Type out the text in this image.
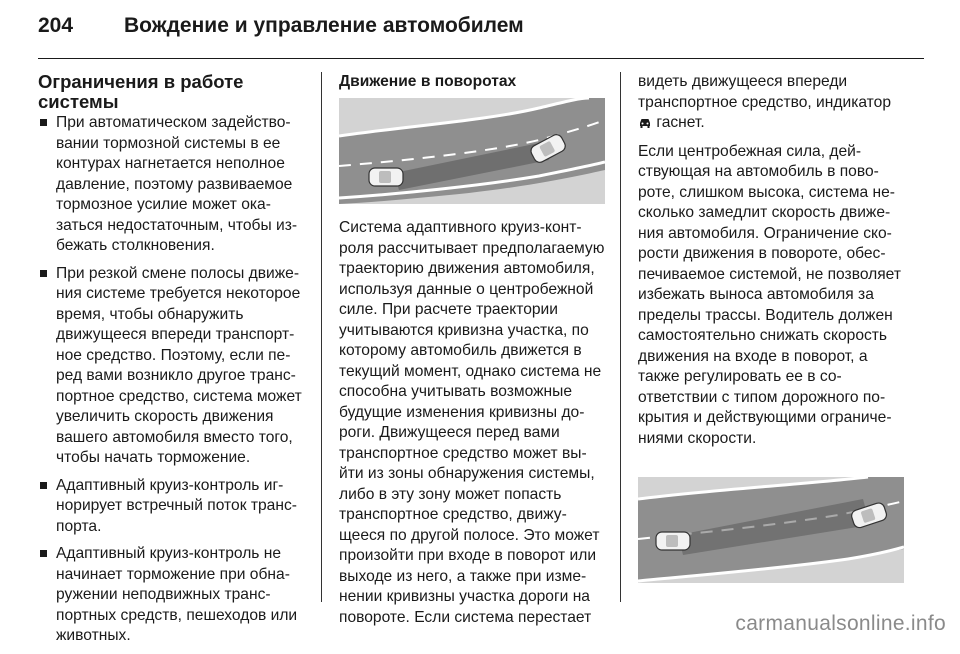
204	Вождение и управление автомобилем
Ограничения в работе системы
При автоматическом задействовании тормозной системы в ее контурах нагнетается неполное давление, поэтому развиваемое тормозное усилие может оказаться недостаточным, чтобы избежать столкновения.
При резкой смене полосы движения системе требуется некоторое время, чтобы обнаружить движущееся впереди транспортное средство. Поэтому, если перед вами возникло другое транспортное средство, система может увеличить скорость движения вашего автомобиля вместо того, чтобы начать торможение.
Адаптивный круиз-контроль игнорирует встречный поток транспорта.
Адаптивный круиз-контроль не начинает торможение при обнаружении неподвижных транспортных средств, пешеходов или животных.
Движение в поворотах

Система адаптивного круиз-контроля рассчитывает предполагаемую траекторию движения автомобиля, используя данные о центробежной силе. При расчете траектории учитываются кривизна участка, по которому автомобиль движется в текущий момент, однако система не способна учитывать возможные будущие изменения кривизны дороги. Движущееся перед вами транспортное средство может выйти из зоны обнаружения системы, либо в эту зону может попасть транспортное средство, движущееся по другой полосе. Это может произойти при входе в поворот или выходе из него, а также при изменении кривизны участка дороги на повороте. Если система перестает

видеть движущееся впереди транспортное средство, индикатор  гаснет.

Если центробежная сила, действующая на автомобиль в повороте, слишком высока, система несколько замедлит скорость движения автомобиля. Ограничение скорости движения в повороте, обеспечиваемое системой, не позволяет избежать выноса автомобиля за пределы трассы. Водитель должен самостоятельно снижать скорость движения на входе в поворот, а также регулировать ее в соответствии с типом дорожного покрытия и действующими ограничениями скорости.

carmanualsonline.info
